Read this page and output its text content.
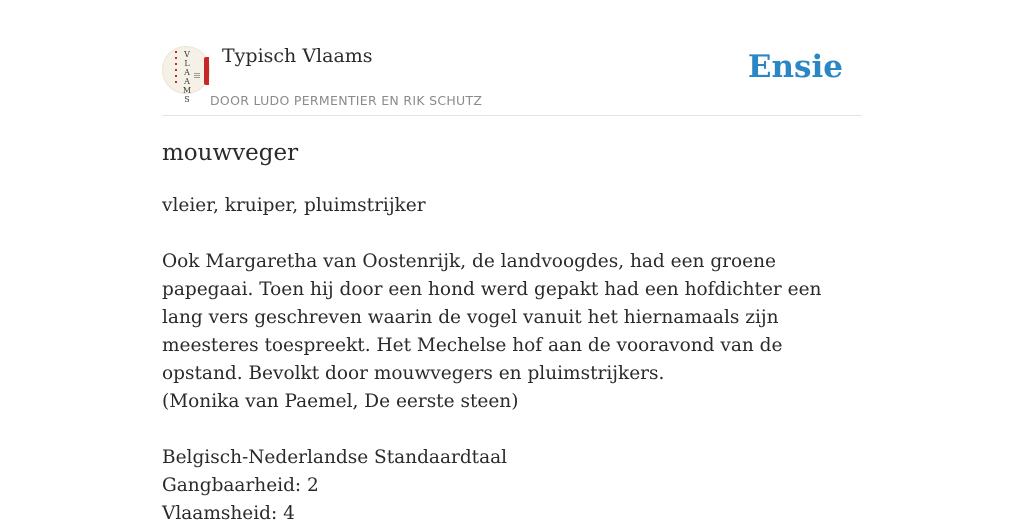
V
L
A
A
M
S
Typisch Vlaams
DOOR LUDO PERMENTIER EN RIK SCHUTZ
Ensie
mouwveger

vleier, kruiper, pluimstrijker

Ook Margaretha van Oostenrijk, de landvoogdes, had een groene papegaai. Toen hij door een hond werd gepakt had een hofdichter een lang vers geschreven waarin de vogel vanuit het hiernamaals zijn meesteres toespreekt. Het Mechelse hof aan de vooravond van de opstand. Bevolkt door mouwvegers en pluimstrijkers.

(Monika van Paemel, De eerste steen)

Belgisch-Nederlandse Standaardtaal

Gangbaarheid: 2

Vlaamsheid: 4
